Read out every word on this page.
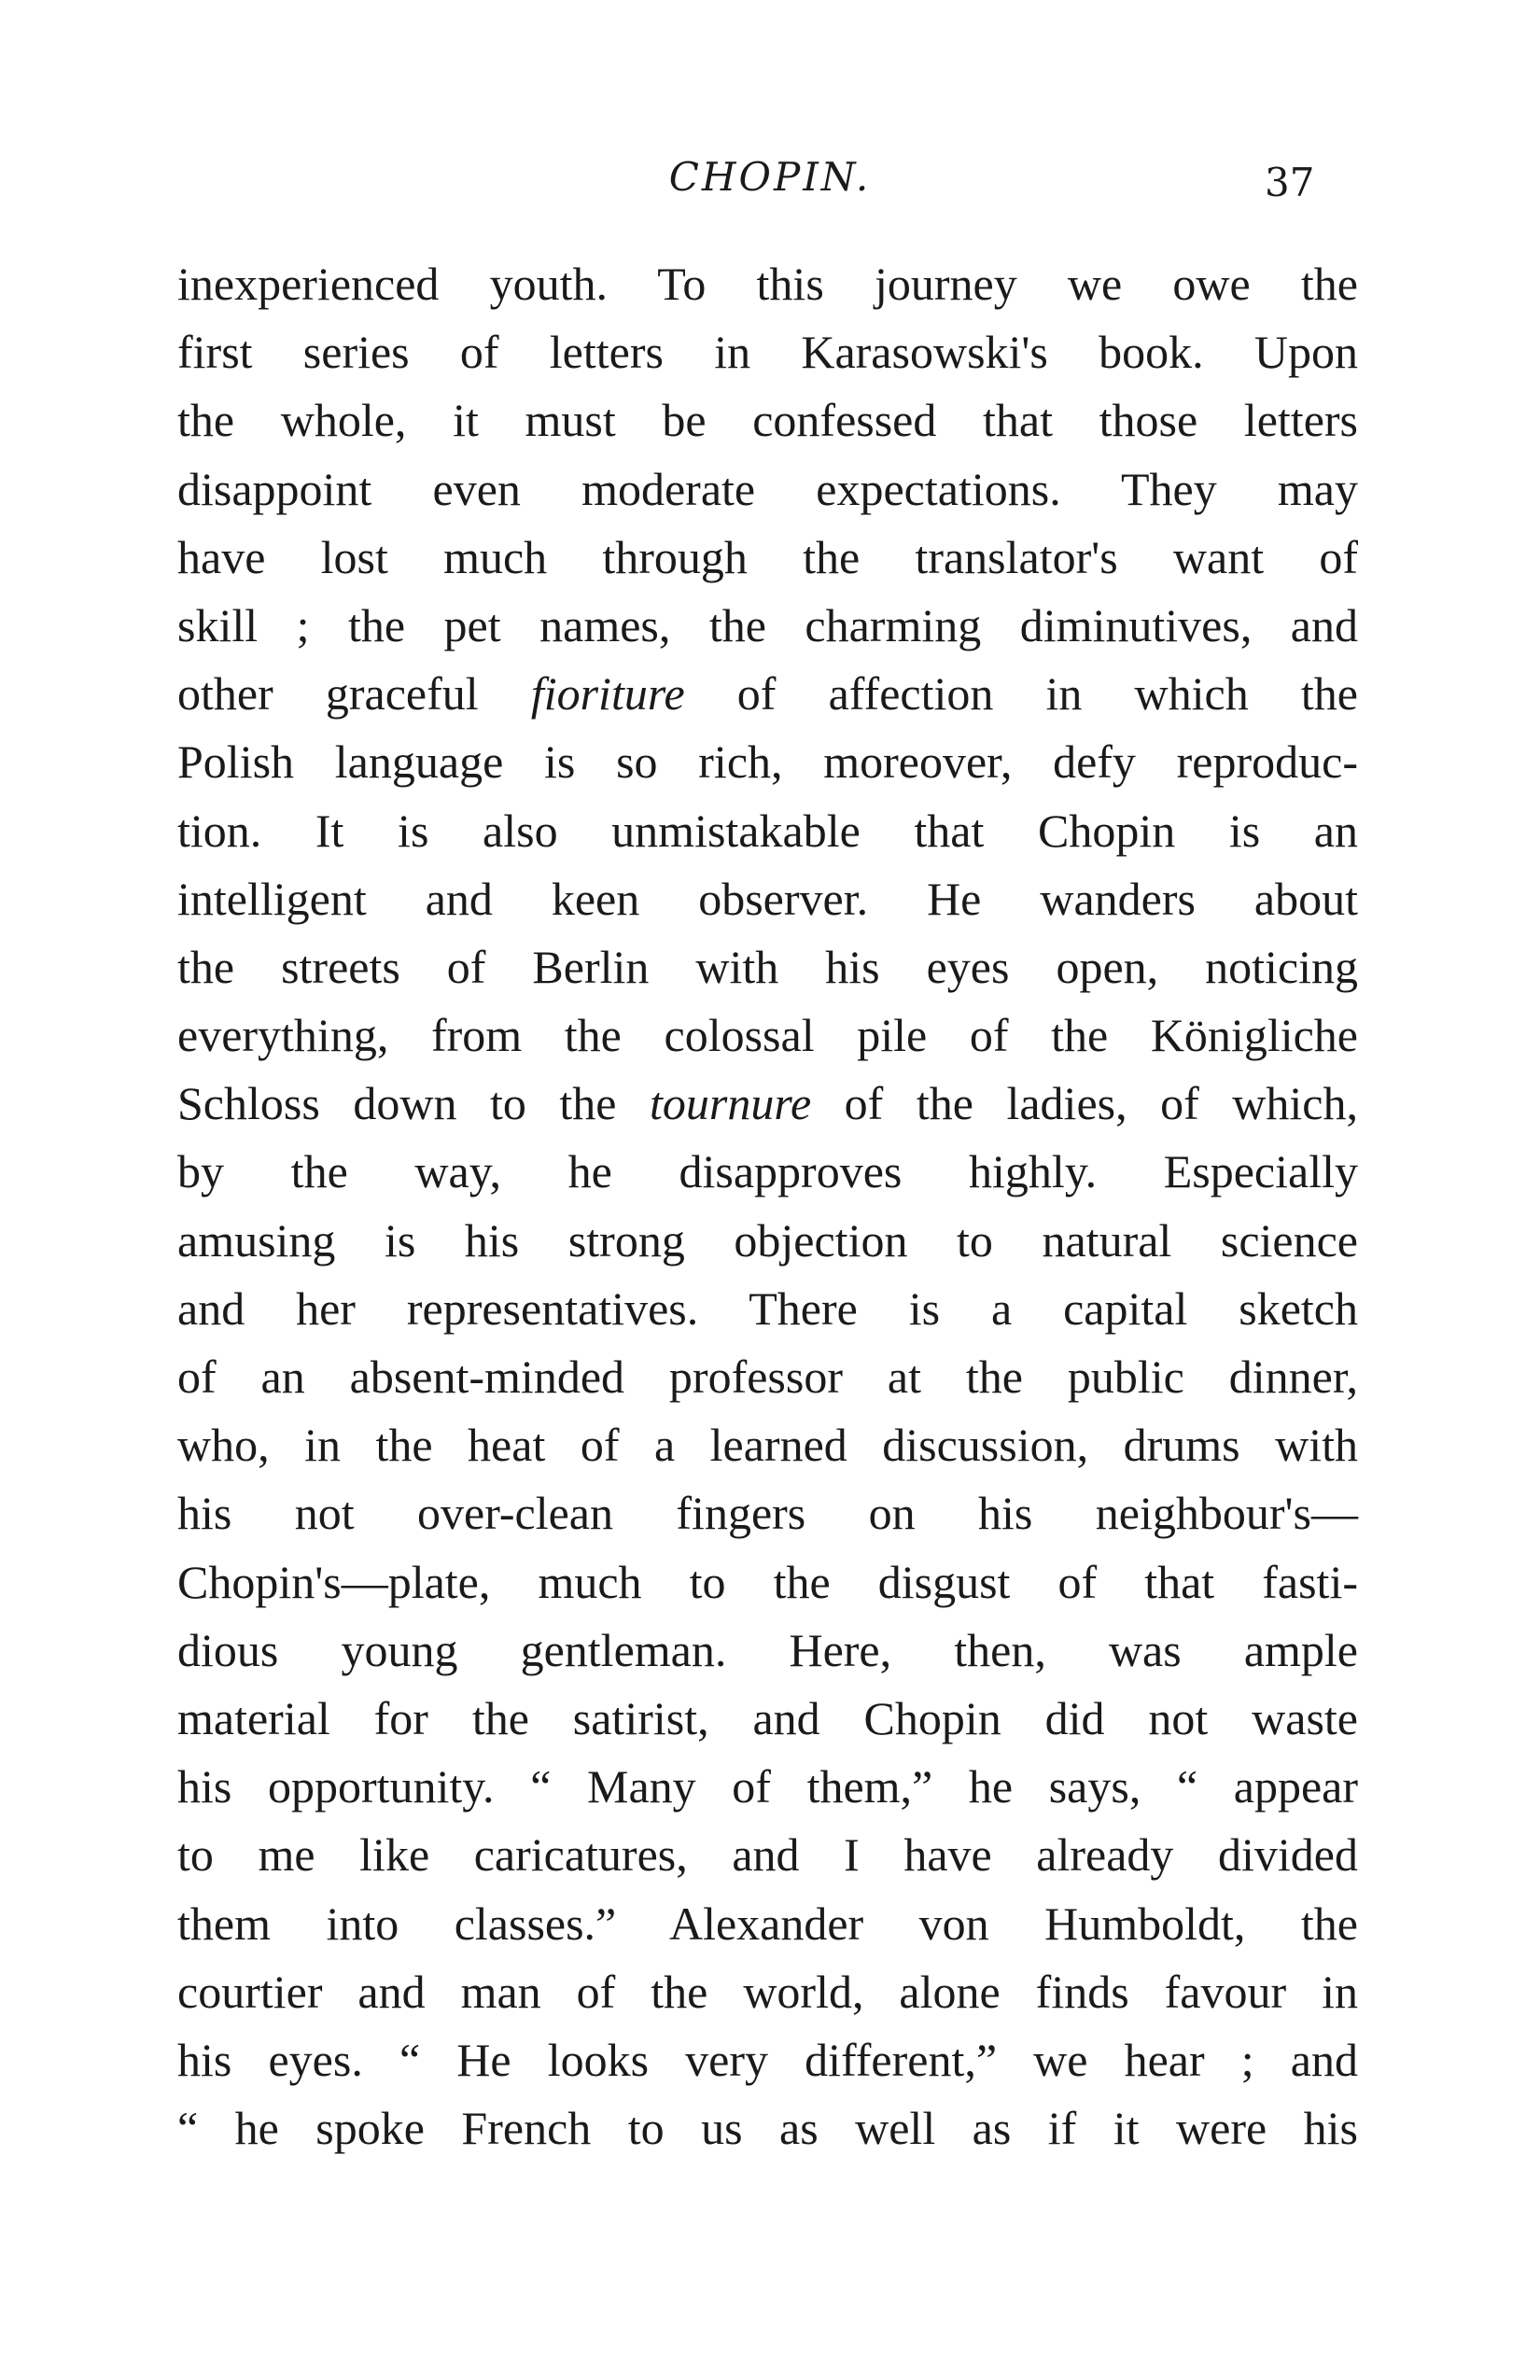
CHOPIN.	37
inexperienced youth. To this journey we owe the
first series of letters in Karasowski's book. Upon
the whole, it must be confessed that those letters
disappoint even moderate expectations. They may
have lost much through the translator's want of
skill ; the pet names, the charming diminutives, and
other graceful fioriture of affection in which the
Polish language is so rich, moreover, defy reproduc-
tion. It is also unmistakable that Chopin is an
intelligent and keen observer. He wanders about
the streets of Berlin with his eyes open, noticing
everything, from the colossal pile of the Königliche
Schloss down to the tournure of the ladies, of which,
by the way, he disapproves highly. Especially
amusing is his strong objection to natural science
and her representatives. There is a capital sketch
of an absent-minded professor at the public dinner,
who, in the heat of a learned discussion, drums with
his not over-clean fingers on his neighbour's—
Chopin's—plate, much to the disgust of that fasti-
dious young gentleman. Here, then, was ample
material for the satirist, and Chopin did not waste
his opportunity. “ Many of them,” he says, “ appear
to me like caricatures, and I have already divided
them into classes.” Alexander von Humboldt, the
courtier and man of the world, alone finds favour in
his eyes. “ He looks very different,” we hear ; and
“ he spoke French to us as well as if it were his
